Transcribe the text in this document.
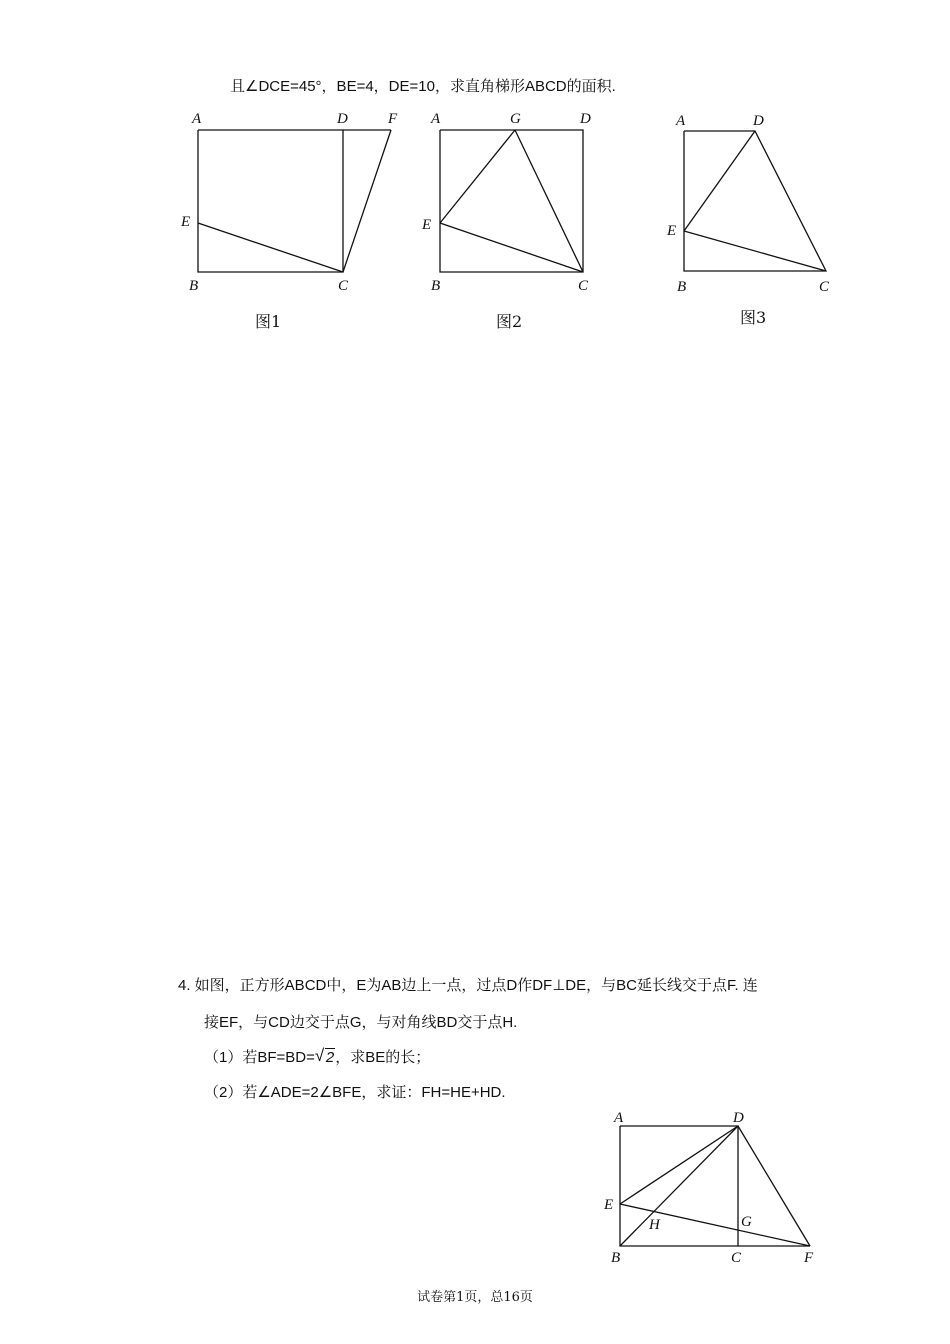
且∠DCE=45°，BE=4，DE=10，求直角梯形ABCD的面积.
A	D	F
E
B	C
图1
A	G	D
E
B	C
图2
A	D
E
B	C
图3
4. 如图，正方形ABCD中，E为AB边上一点，过点D作DF⊥DE，与BC延长线交于点F. 连
接EF，与CD边交于点G，与对角线BD交于点H.
（1）若BF=BD= √ 2，求BE的长；
（2）若∠ADE=2∠BFE，求证：FH=HE+HD.
A	D
E
H	G
B	C	F
试卷第1页，总16页
